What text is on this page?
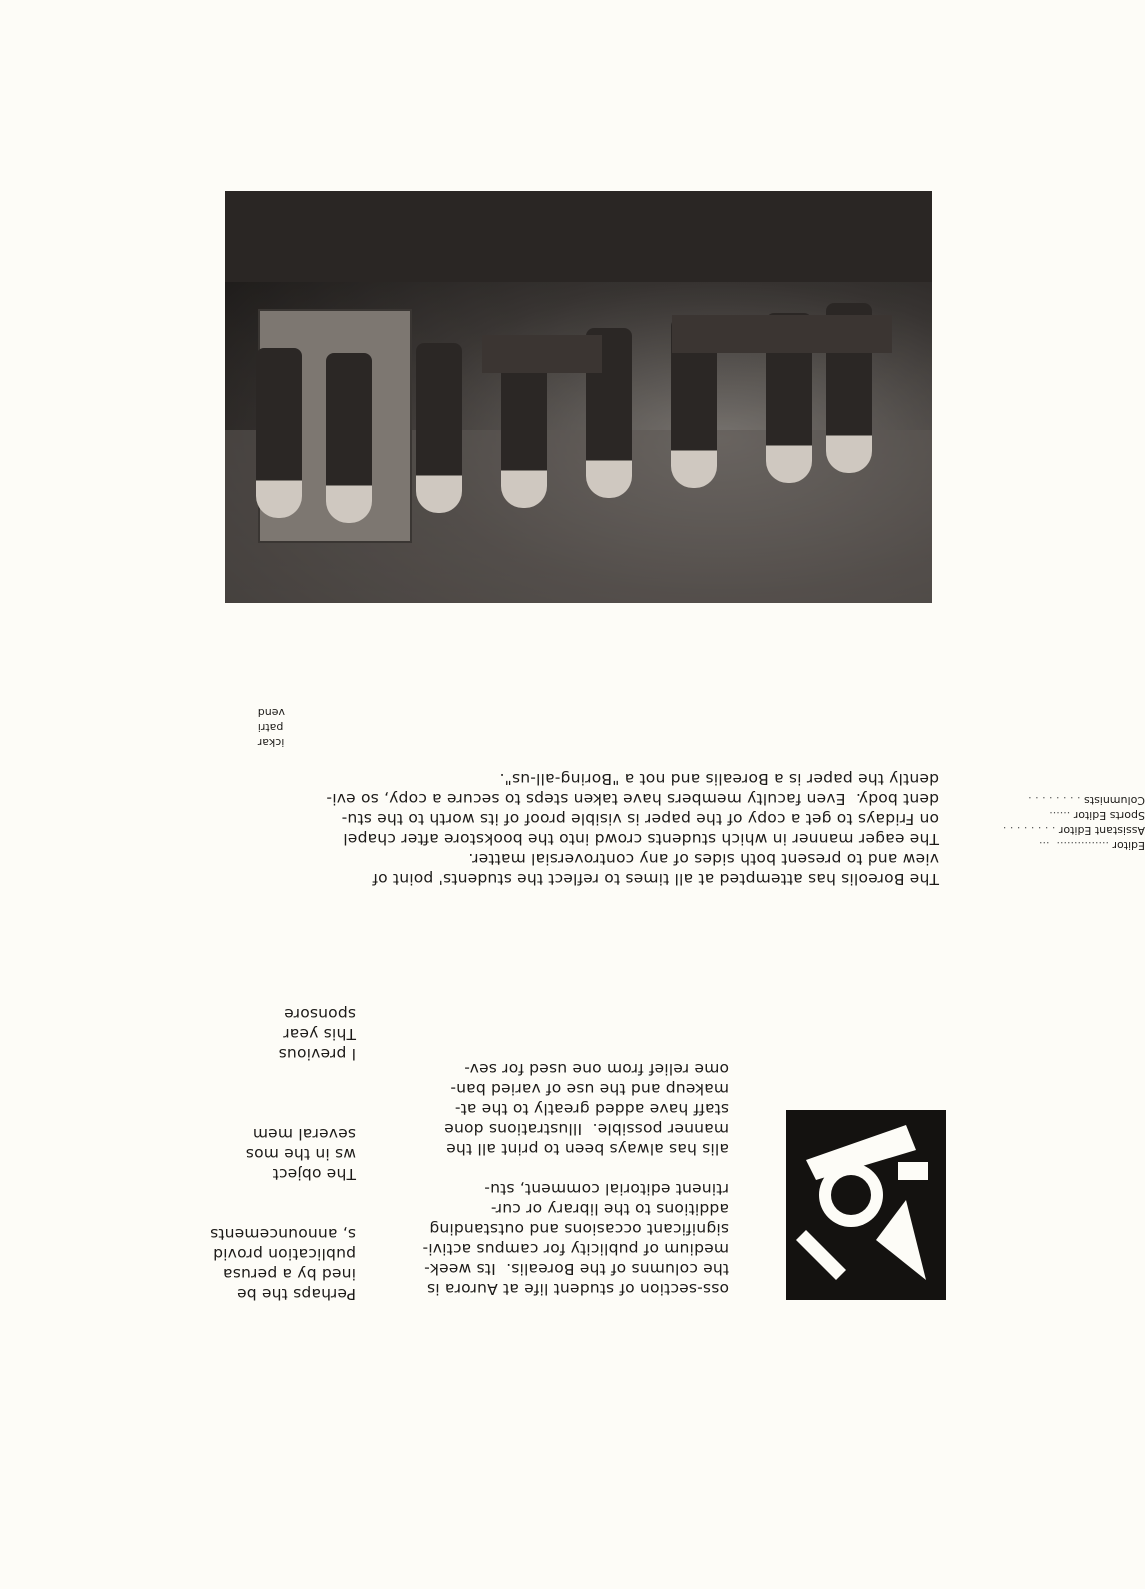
oss-section of student life at Aurora is
the columns of the Borealis.  Its week-
medium of publicity for campus activi-
significant occasions and outstanding
additions to the library or cur-
rtinent editorial comment, stu-
alis has always been to print all the
manner possible.  Illustrations done
staff have added greatly to the at-
makeup and the use of varied ban-
ome relief from one used for sev-
Perhaps the be
ined by a perusa
publication provid
s, announcements
The object
ws in the mos
several mem
l previous
This year
sponsore
The Boreolis has attempted at all times to reflect the students' point of
view and to present both sides of any controversial matter.
The eager manner in which students crowd into the bookstore after chapel
on Fridays to get a copy of the paper is visible proof of its worth to the stu-
dent body.  Even faculty members have taken steps to secure a copy, so evi-
dently the paper is a Borealis and not a "Boring-all-us".
Editor ...............  ...
Assistant Editor . . . . . . . .
Sports Editor ......
Columnists . . . . . . . .
ickar
patri
vend
